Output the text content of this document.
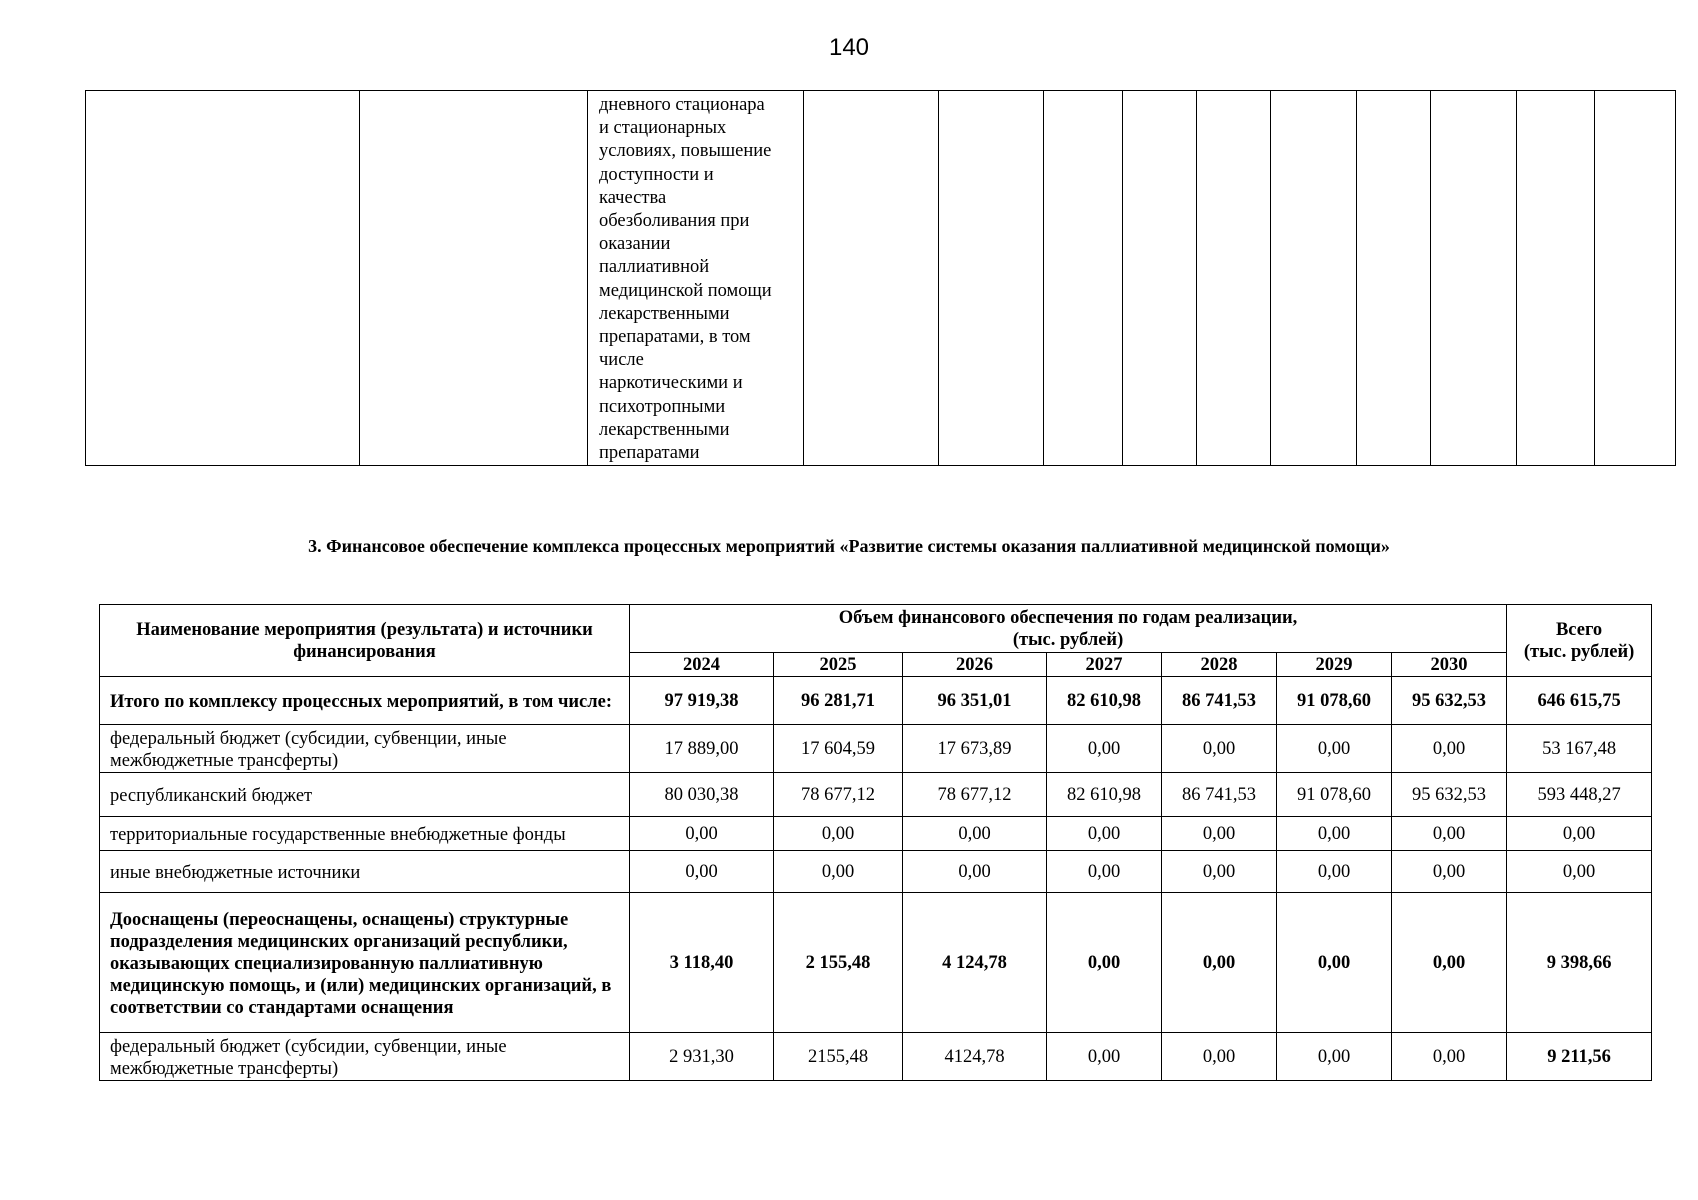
140

дневного стационара
и стационарных
условиях, повышение
доступности и
качества
обезболивания при
оказании
паллиативной
медицинской помощи
лекарственными
препаратами, в том
числе
наркотическими и
психотропными
лекарственными
препаратами

3. Финансовое обеспечение комплекса процессных мероприятий «Развитие системы оказания паллиативной медицинской помощи»
Наименование мероприятия (результата) и источники финансирования	Объем финансового обеспечения по годам реализации,
(тыс. рублей)							Всего
(тыс. рублей)
	2024	2025	2026	2027	2028	2029	2030	
Итого по комплексу процессных мероприятий, в том числе:	97 919,38	96 281,71	96 351,01	82 610,98	86 741,53	91 078,60	95 632,53	646 615,75
федеральный бюджет (субсидии, субвенции, иные межбюджетные трансферты)	17 889,00	17 604,59	17 673,89	0,00	0,00	0,00	0,00	53 167,48
республиканский бюджет	80 030,38	78 677,12	78 677,12	82 610,98	86 741,53	91 078,60	95 632,53	593 448,27
территориальные государственные внебюджетные фонды	0,00	0,00	0,00	0,00	0,00	0,00	0,00	0,00
иные внебюджетные источники	0,00	0,00	0,00	0,00	0,00	0,00	0,00	0,00
Дооснащены (переоснащены, оснащены) структурные подразделения медицинских организаций республики, оказывающих специализированную паллиативную медицинскую помощь, и (или) медицинских организаций, в соответствии со стандартами оснащения	3 118,40	2 155,48	4 124,78	0,00	0,00	0,00	0,00	9 398,66
федеральный бюджет (субсидии, субвенции, иные межбюджетные трансферты)	2 931,30	2155,48	4124,78	0,00	0,00	0,00	0,00	9 211,56
